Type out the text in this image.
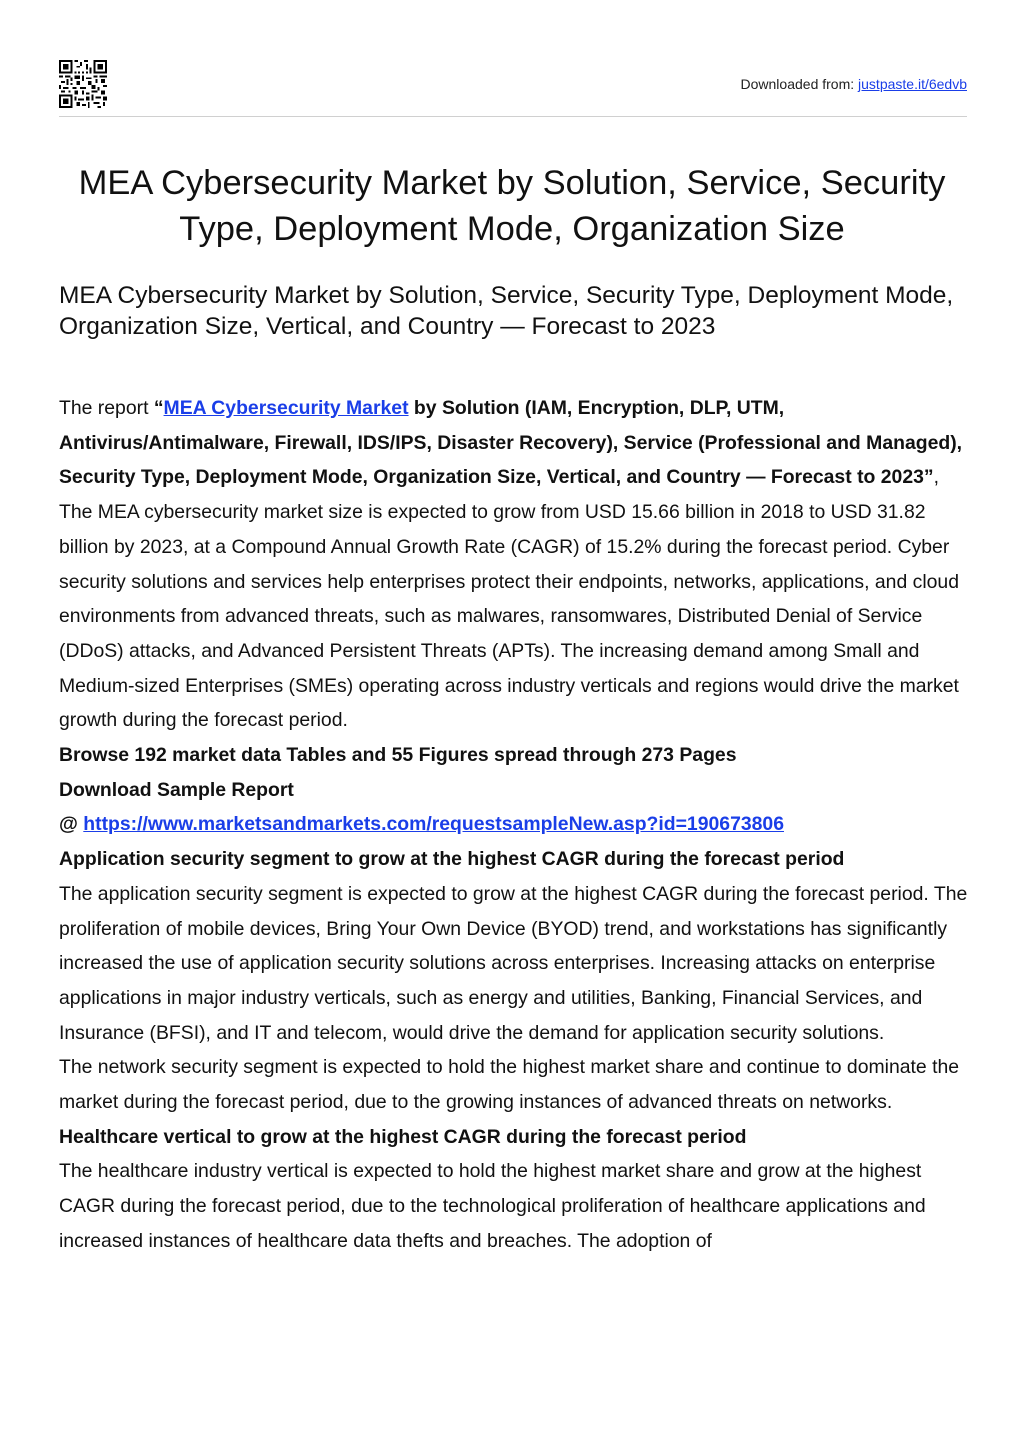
Downloaded from: justpaste.it/6edvb
MEA Cybersecurity Market by Solution, Service, Security Type, Deployment Mode, Organization Size
MEA Cybersecurity Market by Solution, Service, Security Type, Deployment Mode, Organization Size, Vertical, and Country — Forecast to 2023

The report “MEA Cybersecurity Market by Solution (IAM, Encryption, DLP, UTM, Antivirus/Antimalware, Firewall, IDS/IPS, Disaster Recovery), Service (Professional and Managed), Security Type, Deployment Mode, Organization Size, Vertical, and Country — Forecast to 2023”, The MEA cybersecurity market size is expected to grow from USD 15.66 billion in 2018 to USD 31.82 billion by 2023, at a Compound Annual Growth Rate (CAGR) of 15.2% during the forecast period. Cyber security solutions and services help enterprises protect their endpoints, networks, applications, and cloud environments from advanced threats, such as malwares, ransomwares, Distributed Denial of Service (DDoS) attacks, and Advanced Persistent Threats (APTs). The increasing demand among Small and Medium-sized Enterprises (SMEs) operating across industry verticals and regions would drive the market growth during the forecast period.

Browse 192 market data Tables and 55 Figures spread through 273 Pages

Download Sample Report

@ https://www.marketsandmarkets.com/requestsampleNew.asp?id=190673806

Application security segment to grow at the highest CAGR during the forecast period

The application security segment is expected to grow at the highest CAGR during the forecast period. The proliferation of mobile devices, Bring Your Own Device (BYOD) trend, and workstations has significantly increased the use of application security solutions across enterprises. Increasing attacks on enterprise applications in major industry verticals, such as energy and utilities, Banking, Financial Services, and Insurance (BFSI), and IT and telecom, would drive the demand for application security solutions.

The network security segment is expected to hold the highest market share and continue to dominate the market during the forecast period, due to the growing instances of advanced threats on networks.

Healthcare vertical to grow at the highest CAGR during the forecast period

The healthcare industry vertical is expected to hold the highest market share and grow at the highest CAGR during the forecast period, due to the technological proliferation of healthcare applications and increased instances of healthcare data thefts and breaches. The adoption of
